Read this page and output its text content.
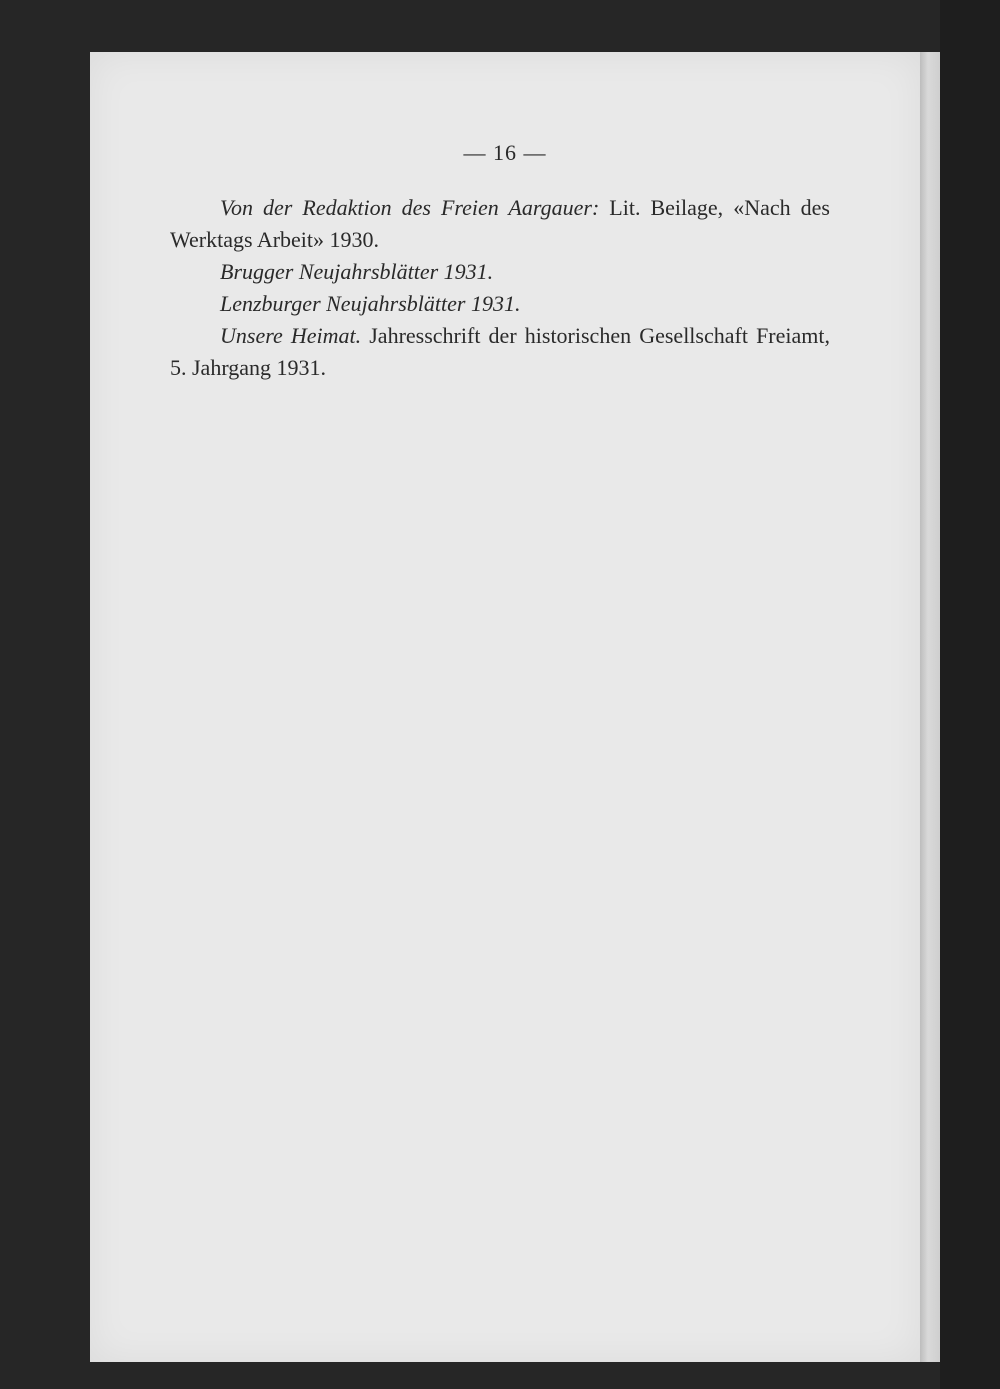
— 16 —

Von der Redaktion des Freien Aargauer: Lit. Beilage, «Nach des Werktags Arbeit» 1930.

Brugger Neujahrsblätter 1931.

Lenzburger Neujahrsblätter 1931.

Unsere Heimat. Jahresschrift der historischen Gesellschaft Freiamt, 5. Jahrgang 1931.
